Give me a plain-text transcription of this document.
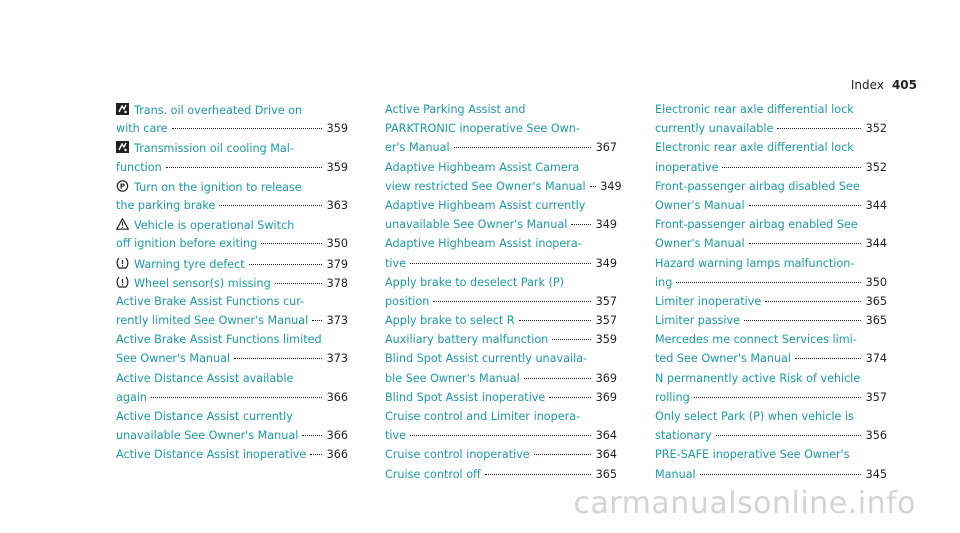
Index 405
Trans. oil overheated Drive on
with care	359
Transmission oil cooling Mal-
function	359
P Turn on the ignition to release
the parking brake	363
Vehicle is operational Switch
off ignition before exiting	350
Warning tyre defect	379
Wheel sensor(s) missing	378
Active Brake Assist Functions cur-
rently limited See Owner's Manual 373
Active Brake Assist Functions limited
See Owner's Manual	373
Active Distance Assist available
again	366
Active Distance Assist currently
unavailable See Owner's Manual	366
Active Distance Assist inoperative 366
Active Parking Assist and
PARKTRONIC inoperative See Own-
er's Manual	367
Adaptive Highbeam Assist Camera
view restricted See Owner's Manual 349
Adaptive Highbeam Assist currently
unavailable See Owner's Manual	349
Adaptive Highbeam Assist inopera-
tive	349
Apply brake to deselect Park (P)
position	357
Apply brake to select R	357
Auxiliary battery malfunction	359
Blind Spot Assist currently unavaila-
ble See Owner's Manual	369
Blind Spot Assist inoperative	369
Cruise control and Limiter inopera-
tive	364
Cruise control inoperative	364
Cruise control off	365
Electronic rear axle differential lock
currently unavailable	352
Electronic rear axle differential lock
inoperative	352
Front-passenger airbag disabled See
Owner's Manual	344
Front-passenger airbag enabled See
Owner's Manual	344
Hazard warning lamps malfunction-
ing	350
Limiter inoperative	365
Limiter passive	365
Mercedes me connect Services limi-
ted See Owner's Manual	374
N permanently active Risk of vehicle
rolling	357
Only select Park (P) when vehicle is
stationary	356
PRE-SAFE inoperative See Owner's
Manual	345
carmanualsonline.info
